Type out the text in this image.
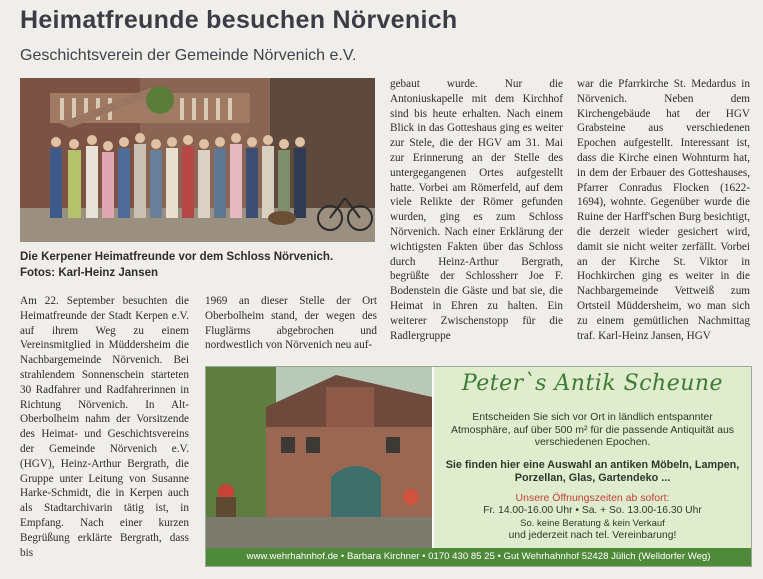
Heimatfreunde besuchen Nörvenich
Geschichtsverein der Gemeinde Nörvenich e.V.
Die Kerpener Heimatfreunde vor dem Schloss Nörvenich.
Fotos: Karl-Heinz Jansen

Am 22. September besuchten die Heimatfreunde der Stadt Kerpen e.V. auf ihrem Weg zu einem Vereinsmitglied in Müddersheim die Nachbargemeinde Nörvenich. Bei strahlendem Sonnenschein starteten 30 Radfahrer und Radfahrerinnen in Richtung Nörvenich. In Alt-Oberbolheim nahm der Vorsitzende des Heimat- und Geschichtsvereins der Gemeinde Nörvenich e.V. (HGV), Heinz-Arthur Bergrath, die Gruppe unter Leitung von Susanne Harke-Schmidt, die in Kerpen auch als Stadtarchivarin tätig ist, in Empfang. Nach einer kurzen Begrüßung erklärte Bergrath, dass bis

1969 an dieser Stelle der Ort Oberbolheim stand, der wegen des Fluglärms abgebrochen und nordwestlich von Nörvenich neu auf-

gebaut wurde. Nur die Antoniuskapelle mit dem Kirchhof sind bis heute erhalten. Nach einem Blick in das Gotteshaus ging es weiter zur Stele, die der HGV am 31. Mai zur Erinnerung an der Stelle des untergegangenen Ortes aufgestellt hatte. Vorbei am Römerfeld, auf dem viele Relikte der Römer gefunden wurden, ging es zum Schloss Nörvenich. Nach einer Erklärung der wichtigsten Fakten über das Schloss durch Heinz-Arthur Bergrath, begrüßte der Schlossherr Joe F. Bodenstein die Gäste und bat sie, die Heimat in Ehren zu halten. Ein weiterer Zwischenstopp für die Radlergruppe

war die Pfarrkirche St. Medardus in Nörvenich. Neben dem Kirchengebäude hat der HGV Grabsteine aus verschiedenen Epochen aufgestellt. Interessant ist, dass die Kirche einen Wohnturm hat, in dem der Erbauer des Gotteshauses, Pfarrer Conradus Flocken (1622-1694), wohnte. Gegenüber wurde die Ruine der Harff'schen Burg besichtigt, die derzeit wieder gesichert wird, damit sie nicht weiter zerfällt. Vorbei an der Kirche St. Viktor in Hochkirchen ging es weiter in die Nachbargemeinde Vettweiß zum Ortsteil Müddersheim, wo man sich zu einem gemütlichen Nachmittag traf. Karl-Heinz Jansen, HGV

Peter`s Antik Scheune
Entscheiden Sie sich vor Ort in ländlich entspannter Atmosphäre, auf über 500 m² für die passende Antiquität aus verschiedenen Epochen.
Sie finden hier eine Auswahl an antiken Möbeln, Lampen, Porzellan, Glas, Gartendeko ...
Unsere Öffnungszeiten ab sofort:
Fr. 14.00-16.00 Uhr • Sa. + So. 13.00-16.30 Uhr
So. keine Beratung & kein Verkauf
und jederzeit nach tel. Vereinbarung!
www.wehrhahnhof.de • Barbara Kirchner • 0170 430 85 25 • Gut Wehrhahnhof 52428 Jülich (Welldorfer Weg)
